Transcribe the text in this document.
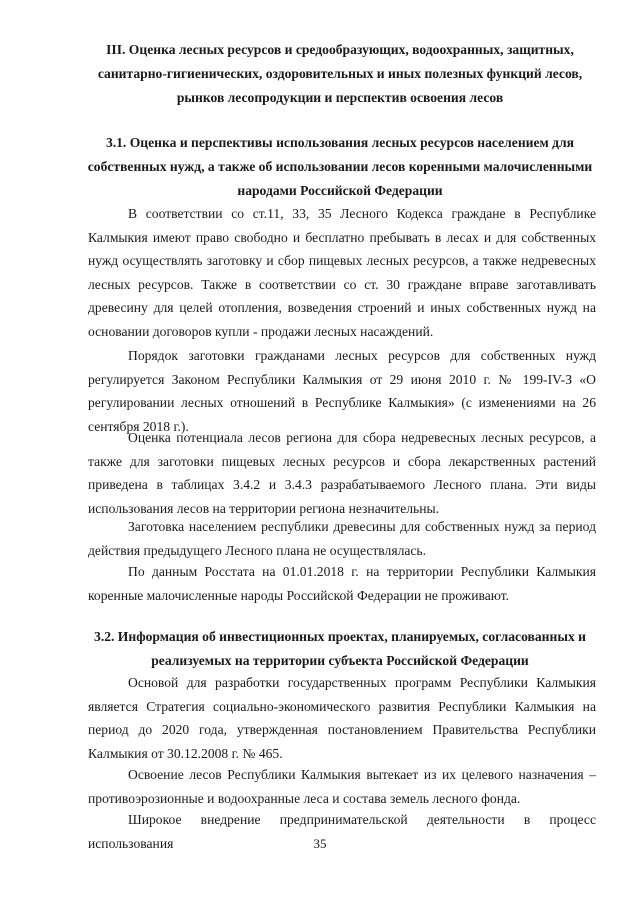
III. Оценка лесных ресурсов и средообразующих, водоохранных, защитных, санитарно-гигиенических, оздоровительных и иных полезных функций лесов, рынков лесопродукции и перспектив освоения лесов

3.1. Оценка и перспективы использования лесных ресурсов населением для собственных нужд, а также об использовании лесов коренными малочисленными народами Российской Федерации

В соответствии со ст.11, 33, 35 Лесного Кодекса граждане в Республике Калмыкия имеют право свободно и бесплатно пребывать в лесах и для собственных нужд осуществлять заготовку и сбор пищевых лесных ресурсов, а также недревесных лесных ресурсов. Также в соответствии со ст. 30 граждане вправе заготавливать древесину для целей отопления, возведения строений и иных собственных нужд на основании договоров купли - продажи лесных насаждений.

Порядок заготовки гражданами лесных ресурсов для собственных нужд регулируется Законом Республики Калмыкия от 29 июня 2010 г. № 199-IV-З «О регулировании лесных отношений в Республике Калмыкия» (с изменениями на 26 сентября 2018 г.).

Оценка потенциала лесов региона для сбора недревесных лесных ресурсов, а также для заготовки пищевых лесных ресурсов и сбора лекарственных растений приведена в таблицах 3.4.2 и 3.4.3 разрабатываемого Лесного плана. Эти виды использования лесов на территории региона незначительны.

Заготовка населением республики древесины для собственных нужд за период действия предыдущего Лесного плана не осуществлялась.

По данным Росстата на 01.01.2018 г. на территории Республики Калмыкия коренные малочисленные народы Российской Федерации не проживают.

3.2. Информация об инвестиционных проектах, планируемых, согласованных и реализуемых на территории субъекта Российской Федерации

Основой для разработки государственных программ Республики Калмыкия является Стратегия социально-экономического развития Республики Калмыкия на период до 2020 года, утвержденная постановлением Правительства Республики Калмыкия от 30.12.2008 г. № 465.

Освоение лесов Республики Калмыкия вытекает из их целевого назначения – противоэрозионные и водоохранные леса и состава земель лесного фонда.

Широкое внедрение предпринимательской деятельности в процесс использования	35
